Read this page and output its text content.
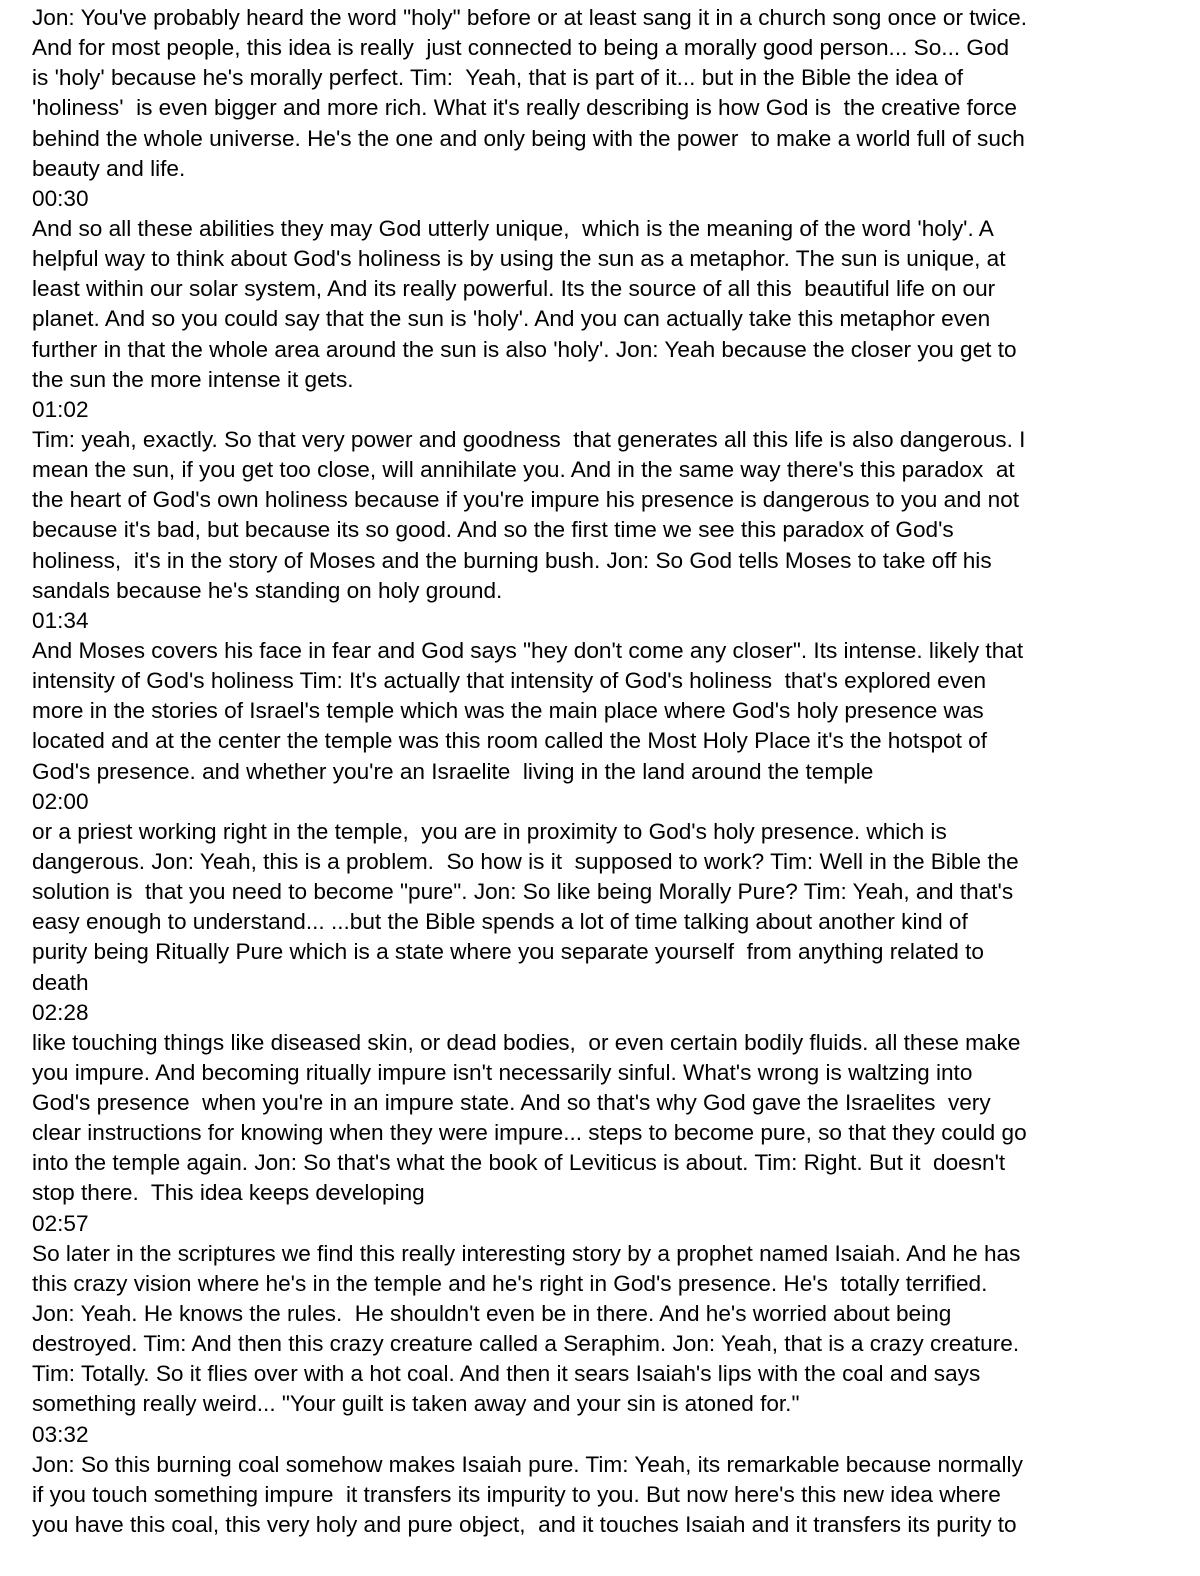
Jon: You've probably heard the word "holy" before or at least sang it in a church song once or twice.
And for most people, this idea is really  just connected to being a morally good person... So... God
is 'holy' because he's morally perfect. Tim:  Yeah, that is part of it... but in the Bible the idea of
'holiness'  is even bigger and more rich. What it's really describing is how God is  the creative force
behind the whole universe. He's the one and only being with the power  to make a world full of such
beauty and life.
00:30
And so all these abilities they may God utterly unique,  which is the meaning of the word 'holy'. A
helpful way to think about God's holiness is by using the sun as a metaphor. The sun is unique, at
least within our solar system, And its really powerful. Its the source of all this  beautiful life on our
planet. And so you could say that the sun is 'holy'. And you can actually take this metaphor even
further in that the whole area around the sun is also 'holy'. Jon: Yeah because the closer you get to
the sun the more intense it gets.
01:02
Tim: yeah, exactly. So that very power and goodness  that generates all this life is also dangerous. I
mean the sun, if you get too close, will annihilate you. And in the same way there's this paradox  at
the heart of God's own holiness because if you're impure his presence is dangerous to you and not
because it's bad, but because its so good. And so the first time we see this paradox of God's
holiness,  it's in the story of Moses and the burning bush. Jon: So God tells Moses to take off his
sandals because he's standing on holy ground.
01:34
And Moses covers his face in fear and God says "hey don't come any closer". Its intense. likely that
intensity of God's holiness Tim: It's actually that intensity of God's holiness  that's explored even
more in the stories of Israel's temple which was the main place where God's holy presence was
located and at the center the temple was this room called the Most Holy Place it's the hotspot of
God's presence. and whether you're an Israelite  living in the land around the temple
02:00
or a priest working right in the temple,  you are in proximity to God's holy presence. which is
dangerous. Jon: Yeah, this is a problem.  So how is it  supposed to work? Tim: Well in the Bible the
solution is  that you need to become "pure". Jon: So like being Morally Pure? Tim: Yeah, and that's
easy enough to understand... ...but the Bible spends a lot of time talking about another kind of
purity being Ritually Pure which is a state where you separate yourself  from anything related to
death
02:28
like touching things like diseased skin, or dead bodies,  or even certain bodily fluids. all these make
you impure. And becoming ritually impure isn't necessarily sinful. What's wrong is waltzing into
God's presence  when you're in an impure state. And so that's why God gave the Israelites  very
clear instructions for knowing when they were impure... steps to become pure, so that they could go
into the temple again. Jon: So that's what the book of Leviticus is about. Tim: Right. But it  doesn't
stop there.  This idea keeps developing
02:57
So later in the scriptures we find this really interesting story by a prophet named Isaiah. And he has
this crazy vision where he's in the temple and he's right in God's presence. He's  totally terrified.
Jon: Yeah. He knows the rules.  He shouldn't even be in there. And he's worried about being
destroyed. Tim: And then this crazy creature called a Seraphim. Jon: Yeah, that is a crazy creature.
Tim: Totally. So it flies over with a hot coal. And then it sears Isaiah's lips with the coal and says
something really weird... "Your guilt is taken away and your sin is atoned for."
03:32
Jon: So this burning coal somehow makes Isaiah pure. Tim: Yeah, its remarkable because normally
if you touch something impure  it transfers its impurity to you. But now here's this new idea where
you have this coal, this very holy and pure object,  and it touches Isaiah and it transfers its purity to
